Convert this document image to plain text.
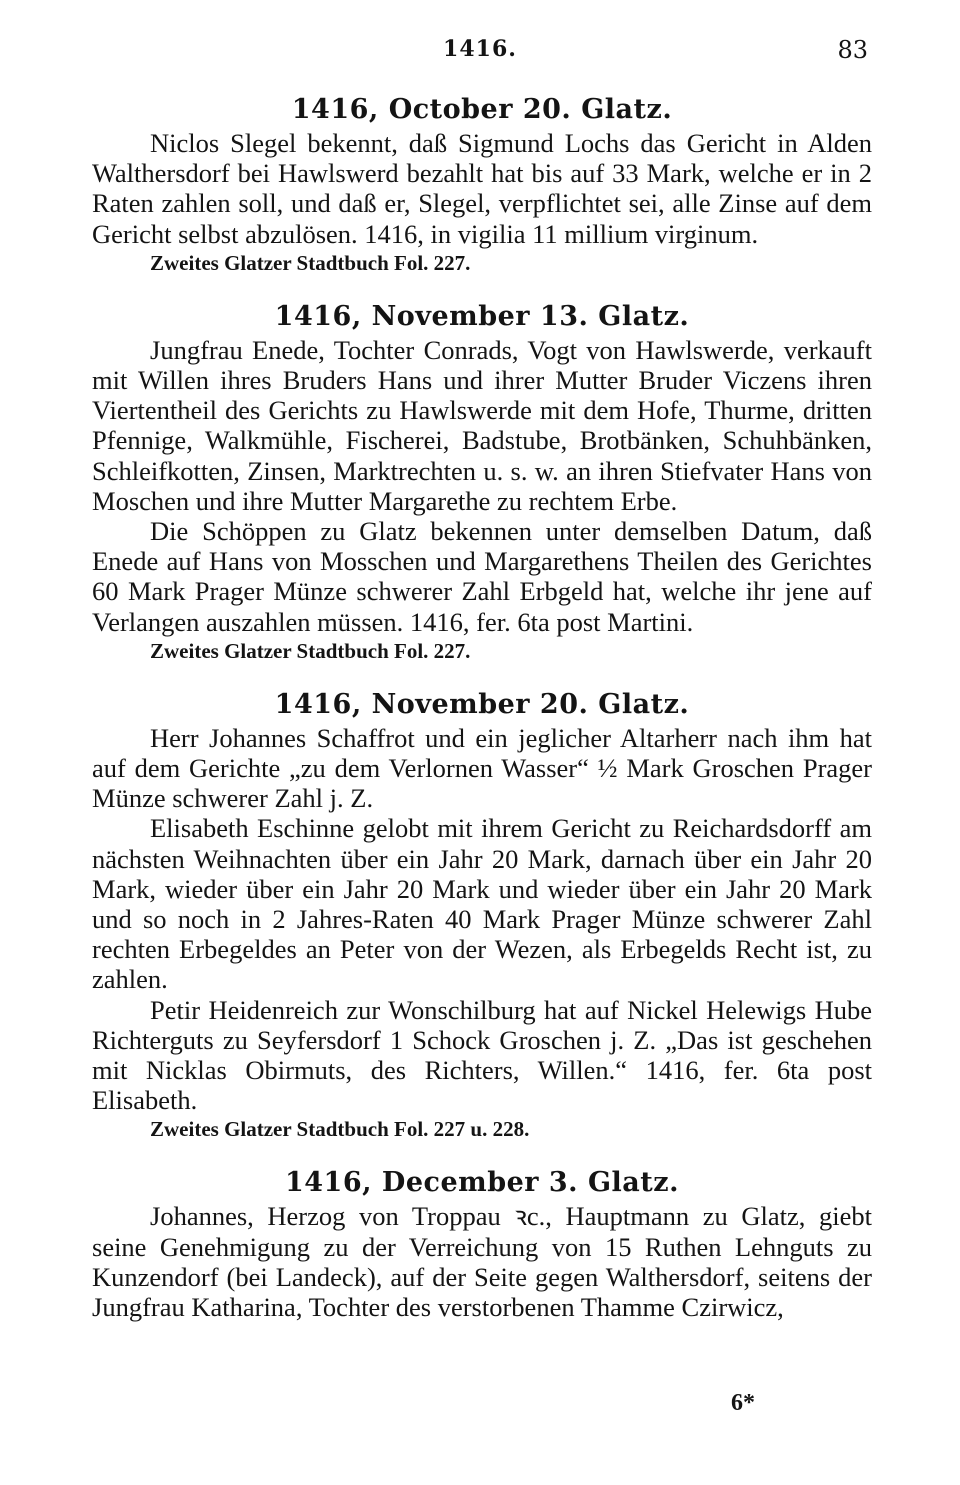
1416.	83
1416, October 20. Glatz.

Niclos Slegel bekennt, daß Sigmund Lochs das Gericht in Alden Walthersdorf bei Hawlswerd bezahlt hat bis auf 33 Mark, welche er in 2 Raten zahlen soll, und daß er, Slegel, verpflichtet sei, alle Zinse auf dem Gericht selbst abzulösen. 1416, in vigilia 11 millium virginum.

Zweites Glatzer Stadtbuch Fol. 227.

1416, November 13. Glatz.

Jungfrau Enede, Tochter Conrads, Vogt von Hawlswerde, verkauft mit Willen ihres Bruders Hans und ihrer Mutter Bruder Viczens ihren Viertentheil des Gerichts zu Hawlswerde mit dem Hofe, Thurme, dritten Pfennige, Walkmühle, Fischerei, Badstube, Brotbänken, Schuhbänken, Schleifkotten, Zinsen, Marktrechten u. s. w. an ihren Stiefvater Hans von Moschen und ihre Mutter Margarethe zu rechtem Erbe.

Die Schöppen zu Glatz bekennen unter demselben Datum, daß Enede auf Hans von Mosschen und Margarethens Theilen des Gerichtes 60 Mark Prager Münze schwerer Zahl Erbgeld hat, welche ihr jene auf Verlangen auszahlen müssen. 1416, fer. 6ta post Martini.

Zweites Glatzer Stadtbuch Fol. 227.

1416, November 20. Glatz.

Herr Johannes Schaffrot und ein jeglicher Altarherr nach ihm hat auf dem Gerichte „zu dem Verlornen Wasser“ ½ Mark Groschen Prager Münze schwerer Zahl j. Z.

Elisabeth Eschinne gelobt mit ihrem Gericht zu Reichardsdorff am nächsten Weihnachten über ein Jahr 20 Mark, darnach über ein Jahr 20 Mark, wieder über ein Jahr 20 Mark und wieder über ein Jahr 20 Mark und so noch in 2 Jahres-Raten 40 Mark Prager Münze schwerer Zahl rechten Erbegeldes an Peter von der Wezen, als Erbegelds Recht ist, zu zahlen.

Petir Heidenreich zur Wonschilburg hat auf Nickel Helewigs Hube Richterguts zu Seyfersdorf 1 Schock Groschen j. Z. „Das ist geschehen mit Nicklas Obirmuts, des Richters, Willen.“ 1416, fer. 6ta post Elisabeth.

Zweites Glatzer Stadtbuch Fol. 227 u. 228.

1416, December 3. Glatz.

Johannes, Herzog von Troppau ꝛc., Hauptmann zu Glatz, giebt seine Genehmigung zu der Verreichung von 15 Ruthen Lehnguts zu Kunzendorf (bei Landeck), auf der Seite gegen Walthersdorf, seitens der Jungfrau Katharina, Tochter des verstorbenen Thamme Czirwicz,

6*
